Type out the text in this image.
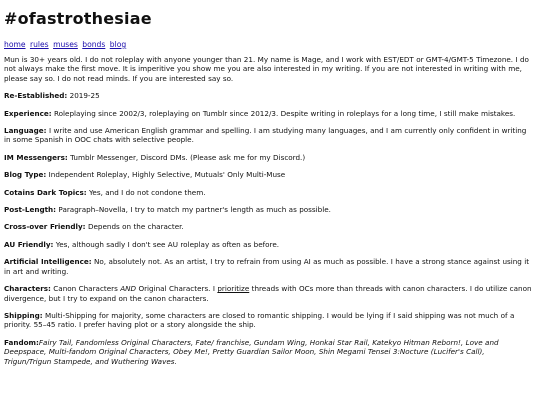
#ofastrothesiae
home rules muses bonds blog

Mun is 30+ years old. I do not roleplay with anyone younger than 21. My name is Mage, and I work with EST/EDT or GMT-4/GMT-5 Timezone. I do not always make the first move. It is imperitive you show me you are also interested in my writing. If you are not interested in writing with me, please say so. I do not read minds. If you are interested say so.

Re-Established: 2019-25

Experience: Roleplaying since 2002/3, roleplaying on Tumblr since 2012/3. Despite writing in roleplays for a long time, I still make mistakes.

Language: I write and use American English grammar and spelling. I am studying many languages, and I am currently only confident in writing in some Spanish in OOC chats with selective people.

IM Messengers: Tumblr Messenger, Discord DMs. (Please ask me for my Discord.)

Blog Type: Independent Roleplay, Highly Selective, Mutuals' Only Multi-Muse

Cotains Dark Topics: Yes, and I do not condone them.

Post-Length: Paragraph–Novella, I try to match my partner's length as much as possible.

Cross-over Friendly: Depends on the character.

AU Friendly: Yes, although sadly I don't see AU roleplay as often as before.

Artificial Intelligence: No, absolutely not. As an artist, I try to refrain from using AI as much as possible. I have a strong stance against using it in art and writing.

Characters: Canon Characters AND Original Characters. I prioritize threads with OCs more than threads with canon characters. I do utilize canon divergence, but I try to expand on the canon characters.

Shipping: Multi-Shipping for majority, some characters are closed to romantic shipping. I would be lying if I said shipping was not much of a priority. 55–45 ratio. I prefer having plot or a story alongside the ship.

Fandom:Fairy Tail, Fandomless Original Characters, Fate/ franchise, Gundam Wing, Honkai Star Rail, Katekyo Hitman Reborn!, Love and Deepspace, Multi-fandom Original Characters, Obey Me!, Pretty Guardian Sailor Moon, Shin Megami Tensei 3:Nocture (Lucifer's Call), Trigun/Trigun Stampede, and Wuthering Waves.
